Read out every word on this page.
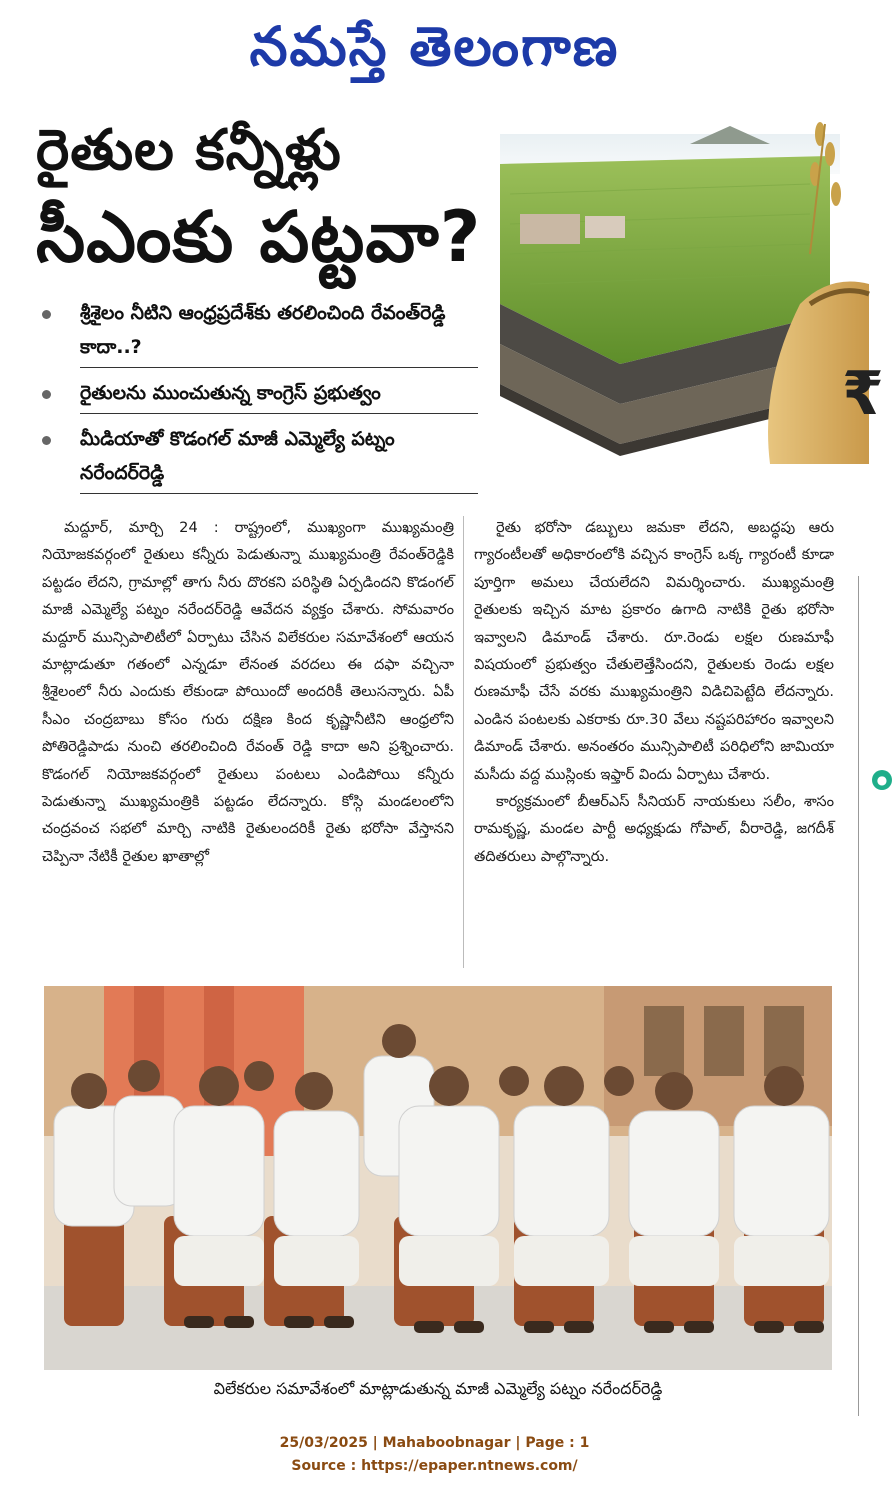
నమస్తే తెలంగాణ
₹
రైతుల కన్నీళ్లు
సీఎంకు పట్టవా?
శ్రీశైలం నీటిని ఆంధ్రప్రదేశ్‌కు తరలించింది రేవంత్‌రెడ్డి కాదా..?
రైతులను ముంచుతున్న కాంగ్రెస్ ప్రభుత్వం
మీడియాతో కొడంగల్ మాజీ ఎమ్మెల్యే పట్నం నరేందర్‌రెడ్డి

మద్దూర్, మార్చి 24 : రాష్ట్రంలో, ముఖ్యంగా ముఖ్యమంత్రి నియోజకవర్గంలో రైతులు కన్నీరు పెడుతున్నా ముఖ్యమంత్రి రేవంత్‌రెడ్డికి పట్టడం లేదని, గ్రామాల్లో తాగు నీరు దొరకని పరిస్థితి ఏర్పడిందని కొడంగల్ మాజీ ఎమ్మెల్యే పట్నం నరేందర్‌రెడ్డి ఆవేదన వ్యక్తం చేశారు. సోమవారం మద్దూర్ మున్సిపాలిటీలో ఏర్పాటు చేసిన విలేకరుల సమావేశంలో ఆయన మాట్లాడుతూ గతంలో ఎన్నడూ లేనంత వరదలు ఈ దఫా వచ్చినా శ్రీశైలంలో నీరు ఎందుకు లేకుండా పోయిందో అందరికీ తెలుసన్నారు. ఏపీ సీఎం చంద్రబాబు కోసం గురు దక్షిణ కింద కృష్ణానీటిని ఆంధ్రలోని పోతిరెడ్డిపాడు నుంచి తరలించింది రేవంత్ రెడ్డి కాదా అని ప్రశ్నించారు. కొడంగల్ నియోజకవర్గంలో రైతులు పంటలు ఎండిపోయి కన్నీరు పెడుతున్నా ముఖ్యమంత్రికి పట్టడం లేదన్నారు. కోస్గి మండలంలోని చంద్రవంచ సభలో మార్చి నాటికి రైతులందరికీ రైతు భరోసా వేస్తానని చెప్పినా నేటికీ రైతుల ఖాతాల్లో

రైతు భరోసా డబ్బులు జమకా లేదని, అబద్ధపు ఆరు గ్యారంటీలతో అధికారంలోకి వచ్చిన కాంగ్రెస్ ఒక్క గ్యారంటీ కూడా పూర్తిగా అమలు చేయలేదని విమర్శించారు. ముఖ్యమంత్రి రైతులకు ఇచ్చిన మాట ప్రకారం ఉగాది నాటికి రైతు భరోసా ఇవ్వాలని డిమాండ్ చేశారు. రూ.రెండు లక్షల రుణమాఫీ విషయంలో ప్రభుత్వం చేతులెత్తేసిందని, రైతులకు రెండు లక్షల రుణమాఫీ చేసే వరకు ముఖ్యమంత్రిని విడిచిపెట్టేది లేదన్నారు. ఎండిన పంటలకు ఎకరాకు రూ.30 వేలు నష్టపరిహారం ఇవ్వాలని డిమాండ్ చేశారు. అనంతరం మున్సిపాలిటీ పరిధిలోని జామియా మసీదు వద్ద ముస్లింకు ఇఫ్తార్ విందు ఏర్పాటు చేశారు.

కార్యక్రమంలో బీఆర్ఎస్ సీనియర్ నాయకులు సలీం, శాసం రామకృష్ణ, మండల పార్టీ అధ్యక్షుడు గోపాల్, వీరారెడ్డి, జగదీశ్ తదితరులు పాల్గొన్నారు.

●
విలేకరుల సమావేశంలో మాట్లాడుతున్న మాజీ ఎమ్మెల్యే పట్నం నరేందర్‌రెడ్డి
25/03/2025 | Mahaboobnagar | Page : 1
Source : https://epaper.ntnews.com/
